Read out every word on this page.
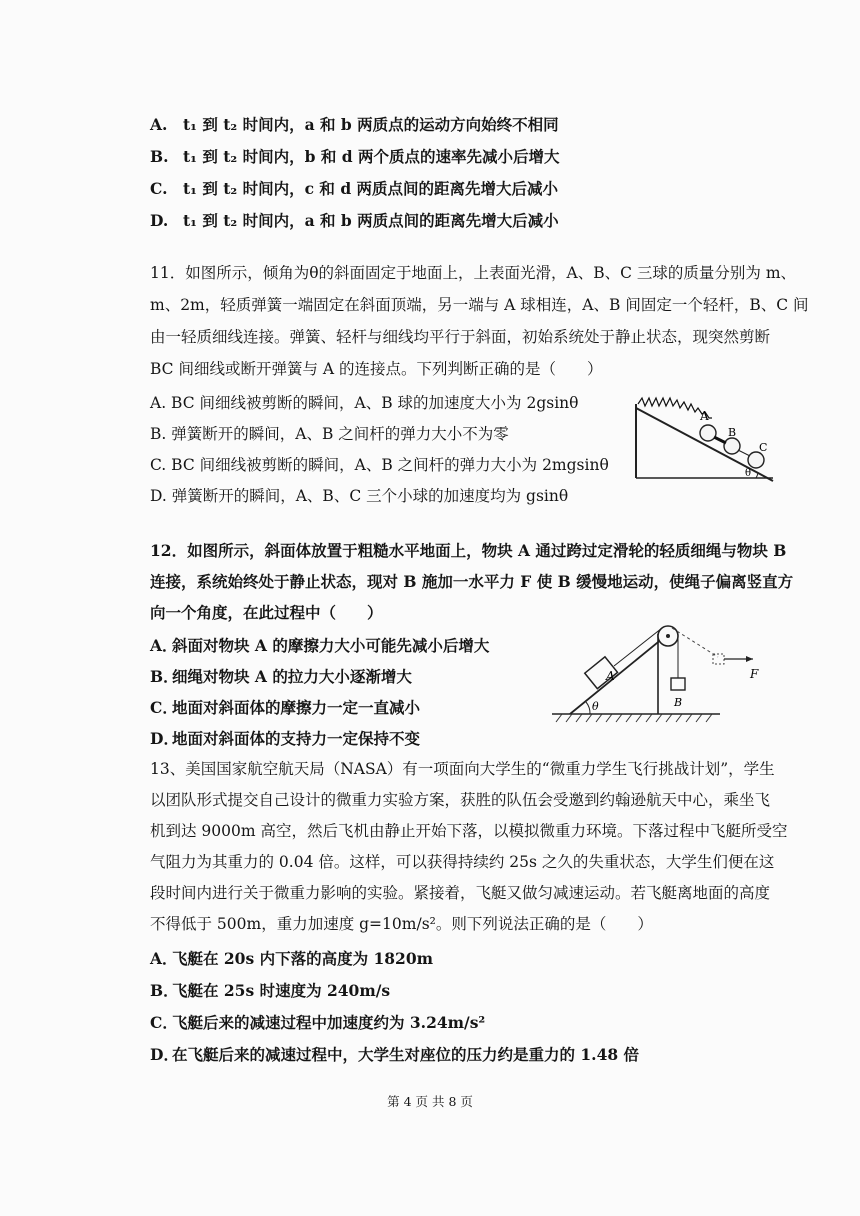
A. t₁ 到 t₂ 时间内，a 和 b 两质点的运动方向始终不相同
B. t₁ 到 t₂ 时间内，b 和 d 两个质点的速率先减小后增大
C. t₁ 到 t₂ 时间内，c 和 d 两质点间的距离先增大后减小
D. t₁ 到 t₂ 时间内，a 和 b 两质点间的距离先增大后减小
11．如图所示，倾角为θ的斜面固定于地面上，上表面光滑，A、B、C 三球的质量分别为 m、
m、2m，轻质弹簧一端固定在斜面顶端，另一端与 A 球相连，A、B 间固定一个轻杆，B、C 间
由一轻质细线连接。弹簧、轻杆与细线均平行于斜面，初始系统处于静止状态，现突然剪断
BC 间细线或断开弹簧与 A 的连接点。下列判断正确的是（　　）
A. BC 间细线被剪断的瞬间，A、B 球的加速度大小为 2gsinθ
B. 弹簧断开的瞬间，A、B 之间杆的弹力大小不为零
C. BC 间细线被剪断的瞬间，A、B 之间杆的弹力大小为 2mgsinθ
D. 弹簧断开的瞬间，A、B、C 三个小球的加速度均为 gsinθ
A
B
C
θ
12．如图所示，斜面体放置于粗糙水平地面上，物块 A 通过跨过定滑轮的轻质细绳与物块 B
连接，系统始终处于静止状态，现对 B 施加一水平力 F 使 B 缓慢地运动，使绳子偏离竖直方
向一个角度，在此过程中（　　）
A．斜面对物块 A 的摩擦力大小可能先减小后增大
B．细绳对物块 A 的拉力大小逐渐增大
C．地面对斜面体的摩擦力一定一直减小
D．地面对斜面体的支持力一定保持不变
A
B
F
θ
13、美国国家航空航天局（NASA）有一项面向大学生的“微重力学生飞行挑战计划”，学生
以团队形式提交自己设计的微重力实验方案，获胜的队伍会受邀到约翰逊航天中心，乘坐飞
机到达 9000m 高空，然后飞机由静止开始下落，以模拟微重力环境。下落过程中飞艇所受空
气阻力为其重力的 0.04 倍。这样，可以获得持续约 25s 之久的失重状态，大学生们便在这
段时间内进行关于微重力影响的实验。紧接着，飞艇又做匀减速运动。若飞艇离地面的高度
不得低于 500m，重力加速度 g=10m/s²。则下列说法正确的是（　　）
A．飞艇在 20s 内下落的高度为 1820m
B．飞艇在 25s 时速度为 240m/s
C．飞艇后来的减速过程中加速度约为 3.24m/s²
D．在飞艇后来的减速过程中，大学生对座位的压力约是重力的 1.48 倍
第 4 页 共 8 页
